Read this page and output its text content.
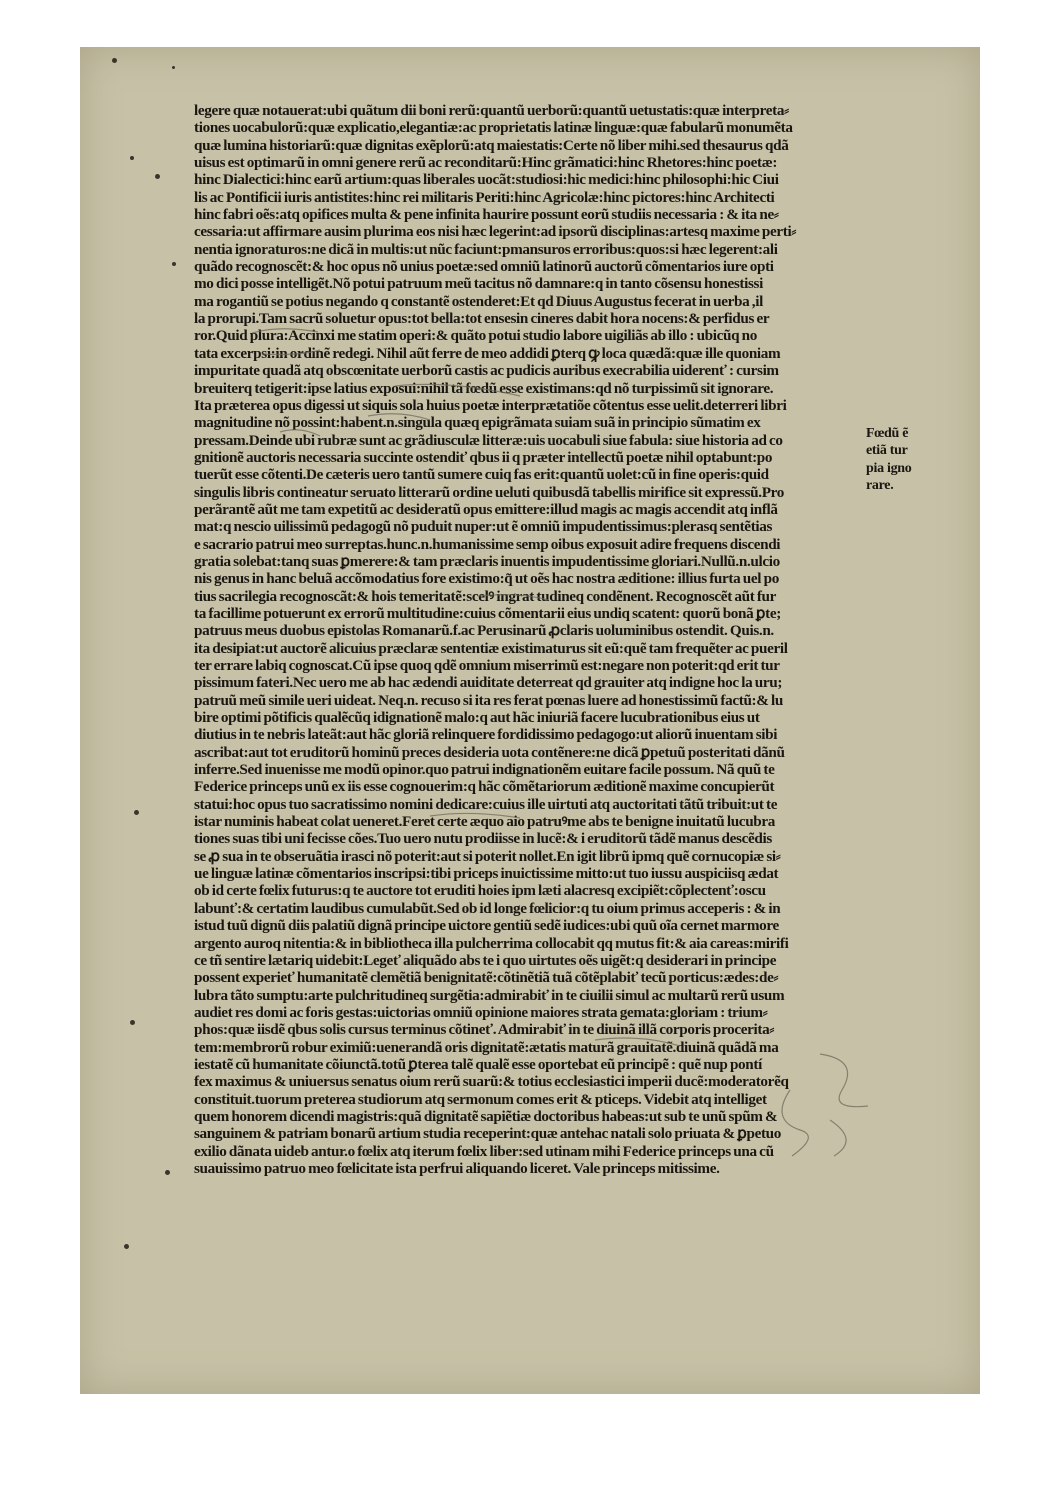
legere quæ notauerat:ubi quãtum dii boni rerũ:quantũ uerborũ:quantũ uetustatis:quæ interpreta⸗
tiones uocabulorũ:quæ explicatio,elegantiæ:ac proprietatis latinæ linguæ:quæ fabularũ monumẽta
quæ lumina historiarũ:quæ dignitas exẽplorũ:atq maiestatis:Certe nõ liber mihi.sed thesaurus qdã
uisus est optimarũ in omni genere rerũ ac reconditarũ:Hinc grãmatici:hinc Rhetores:hinc poetæ:
hinc Dialectici:hinc earũ artium:quas liberales uocãt:studiosi:hic medici:hinc philosophi:hic Ciui
lis ac Pontificii iuris antistites:hinc rei militaris Periti:hinc Agricolæ:hinc pictores:hinc Architecti
hinc fabri oẽs:atq opifices multa & pene infinita haurire possunt eorũ studiis necessaria : & ita ne⸗
cessaria:ut affirmare ausim plurima eos nisi hæc legerint:ad ipsorũ disciplinas:artesq maxime perti⸗
nentia ignoraturos:ne dicã in multis:ut nũc faciunt:pmansuros erroribus:quos:si hæc legerent:ali
quãdo recognoscẽt:& hoc opus nõ unius poetæ:sed omniũ latinorũ auctorũ cõmentarios iure opti
mo dici posse intelligẽt.Nõ potui patruum meũ tacitus nõ damnare:q in tanto cõsensu honestissi
ma rogantiũ se potius negando q constantẽ ostenderet:Et qd Diuus Augustus fecerat in uerba ,il
la prorupi.Tam sacrũ soluetur opus:tot bella:tot ensesin cineres dabit hora nocens:& perfidus er
ror.Quid plura:Accinxi me statim operi:& quãto potui studio labore uigiliãs ab illo : ubicũq no
tata excerpsi:in ordinẽ redegi. Nihil aũt ferre de meo addidi ꝑterq ꝙ loca quædã:quæ ille quoniam
impuritate quadã atq obscœnitate uerborũ castis ac pudicis auribus execrabilia uiderenť : cursim
breuiterq tetigerit:ipse latius exposui:nihil tã fœdũ esse existimans:qd nõ turpissimũ sit ignorare.
Ita præterea opus digessi ut siquis sola huius poetæ interprætatiõe cõtentus esse uelit.deterreri libri
magnitudine nõ possint:habent.n.singula quæq epigrãmata suiam suã in principio sũmatim ex
pressam.Deinde ubi rubræ sunt ac grãdiusculæ litteræ:uis uocabuli siue fabula: siue historia ad co
gnitionẽ auctoris necessaria succinte ostendiť qbus ii q præter intellectũ poetæ nihil optabunt:po
tuerũt esse cõtenti.De cæteris uero tantũ sumere cuiq fas erit:quantũ uolet:cũ in fine operis:quid
singulis libris contineatur seruato litterarũ ordine ueluti quibusdã tabellis mirifice sit expressũ.Pro
perãrantẽ aũt me tam expetitũ ac desideratũ opus emittere:illud magis ac magis accendit atq inflã
mat:q nescio uilissimũ pedagogũ nõ puduit nuper:ut ẽ omniũ impudentissimus:plerasq sentẽtias
e sacrario patrui meo surreptas.hunc.n.humanissime semp oibus exposuit adire frequens discendi
gratia solebat:tanq suas ꝑmerere:& tam præclaris inuentis impudentissime gloriari.Nullũ.n.ulcio
nis genus in hanc beluã accõmodatius fore existimo:q̃ ut oẽs hac nostra æditione: illius furta uel po
tius sacrilegia recognoscãt:& hois temeritatẽ:scelꝰ ingrat tudineq condẽnent. Recognoscẽt aũt fur
ta facillime potuerunt ex errorũ multitudine:cuius cõmentarii eius undiq scatent: quorũ bonã ꝑte;
patruus meus duobus epistolas Romanarũ.f.ac Perusinarũ ꝓclaris uoluminibus ostendit. Quis.n.
ita desipiat:ut auctorẽ alicuius præclaræ sententiæ existimaturus sit eũ:quẽ tam frequẽter ac pueril
ter errare labiq cognoscat.Cũ ipse quoq qdẽ omnium miserrimũ est:negare non poterit:qd erit tur
pissimum fateri.Nec uero me ab hac ædendi auiditate deterreat qd grauiter atq indigne hoc la uru;
patruũ meũ simile ueri uideat. Neq.n. recuso si ita res ferat pœnas luere ad honestissimũ factũ:& lu
bire optimi põtificis qualẽcũq idignationẽ malo:q aut hãc iniuriã facere lucubrationibus eius ut
diutius in te nebris lateãt:aut hãc gloriã relinquere fordidissimo pedagogo:ut aliorũ inuentam sibi
ascribat:aut tot eruditorũ hominũ preces desideria uota contẽnere:ne dicã ꝑpetuũ posteritati dãnũ
inferre.Sed inuenisse me modũ opinor.quo patrui indignationẽm euitare facile possum. Nã quũ te
Federice princeps unũ ex iis esse cognouerim:q hãc cõmẽtariorum æditionẽ maxime concupierũt
statui:hoc opus tuo sacratissimo nomini dedicare:cuius ille uirtuti atq auctoritati tãtũ tribuit:ut te
istar numinis habeat colat ueneret.Feret certe æquo aio patruꝰme abs te benigne inuitatũ lucubra
tiones suas tibi uni fecisse cões.Tuo uero nutu prodiisse in lucẽ:& i eruditorũ tãdẽ manus descẽdis
se ꝓ sua in te obseruãtia irasci nõ poterit:aut si poterit nollet.En igit librũ ipmq quẽ cornucopiæ si⸗
ue linguæ latinæ cõmentarios inscripsi:tibi priceps inuictissime mitto:ut tuo iussu auspiciisq ædat
ob id certe fœlix futurus:q te auctore tot eruditi hoies ipm læti alacresq excipiẽt:cõplectenť:oscu
labunť:& certatim laudibus cumulabũt.Sed ob id longe fœlicior:q tu oium primus acceperis : & in
istud tuũ dignũ diis palatiũ dignã principe uictore gentiũ sedẽ iudices:ubi quũ oĩa cernet marmore
argento auroq nitentia:& in bibliotheca illa pulcherrima collocabit qq mutus fit:& aia careas:mirifi
ce tñ sentire lætariq uidebit:Legeť aliquãdo abs te i quo uirtutes oẽs uigẽt:q desiderari in principe
possent experieť humanitatẽ clemẽtiã benignitatẽ:cõtinẽtiã tuã cõtẽplabiť tecũ porticus:ædes:de⸗
lubra tãto sumptu:arte pulchritudineq surgẽtia:admirabiť in te ciuilii simul ac multarũ rerũ usum
audiet res domi ac foris gestas:uictorias omniũ opinione maiores strata gemata:gloriam : trium⸗
phos:quæ iisdẽ qbus solis cursus terminus cõtineť. Admirabiť in te diuinã illã corporis procerita⸗
tem:membrorũ robur eximiũ:uenerandã oris dignitatẽ:ætatis maturã grauitatẽ.diuinã quãdã ma
iestatẽ cũ humanitate cõiunctã.totũ ꝑterea talẽ qualẽ esse oportebat eũ principẽ : quẽ nup pontí
fex maximus & uniuersus senatus oium rerũ suarũ:& totius ecclesiastici imperii ducẽ:moderatorẽq
constituit.tuorum preterea studiorum atq sermonum comes erit & pticeps. Videbit atq intelliget
quem honorem dicendi magistris:quã dignitatẽ sapiẽtiæ doctoribus habeas:ut sub te unũ spũm &
sanguinem & patriam bonarũ artium studia receperint:quæ antehac natali solo priuata & ꝑpetuo
exilio dãnata uideb antur.o fœlix atq iterum fœlix liber:sed utinam mihi Federice princeps una cũ
suauissimo patruo meo fœlicitate ista perfrui aliquando liceret. Vale princeps mitissime.
Fœdũ ẽ
etiã tur
pia igno
rare.
